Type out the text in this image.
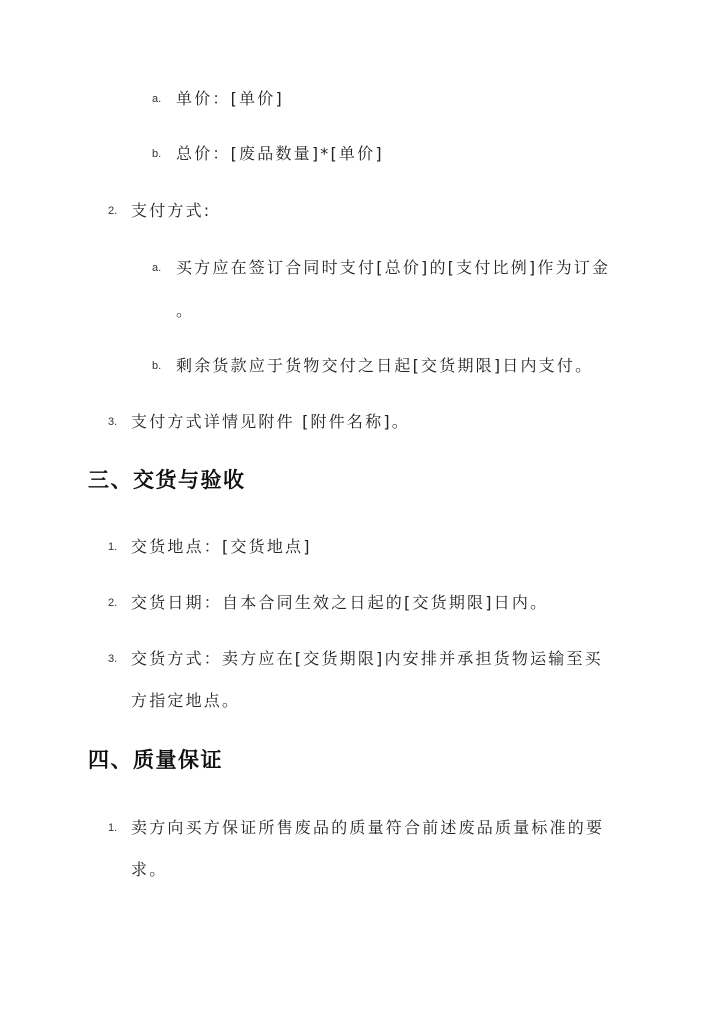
a. 单价：[单价]
b. 总价：[废品数量]*[单价]
2. 支付方式:
a. 买方应在签订合同时支付[总价]的[支付比例]作为订金
。
b. 剩余货款应于货物交付之日起[交货期限]日内支付。
3. 支付方式详情见附件 [附件名称]。
三、交货与验收
1. 交货地点：[交货地点]
2. 交货日期：自本合同生效之日起的[交货期限]日内。
3. 交货方式：卖方应在[交货期限]内安排并承担货物运输至买
方指定地点。
四、质量保证
1. 卖方向买方保证所售废品的质量符合前述废品质量标准的要
求。
